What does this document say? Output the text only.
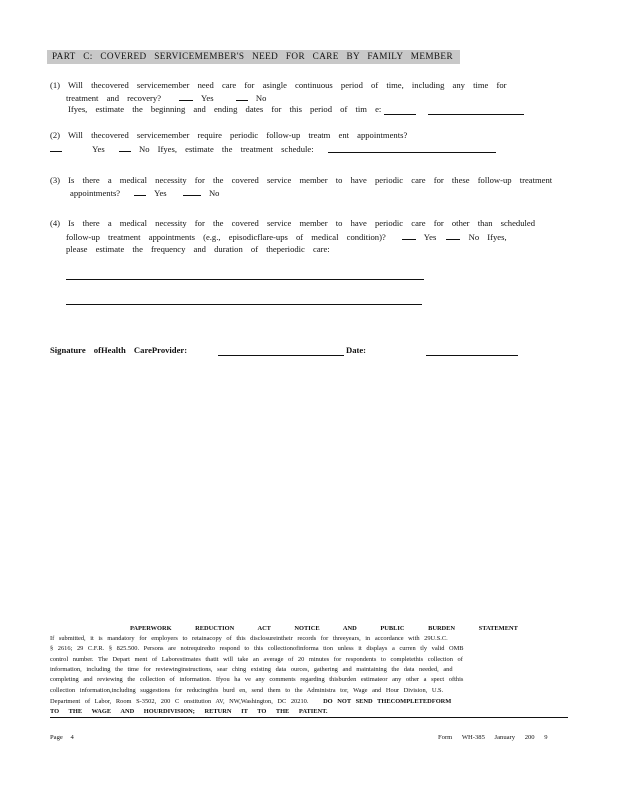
PART C: COVERED SERVICEMEMBER'S NEED FOR CARE BY FAMILY MEMBER
(1) Will thecovered servicemember need care for asingle continuous period of time, including any time for
treatment and recovery?	Yes	No
Ifyes, estimate the beginning and ending dates for this period of tim e:
(2) Will thecovered servicemember require periodic follow-up treatm ent appointments?
Yes	No Ifyes, estimate the treatment schedule:
(3) Is there a medical necessity for the covered service member to have periodic care for these follow-up treatment
appointments?	Yes	No
(4) Is there a medical necessity for the covered service member to have periodic care for other than scheduled
follow-up treatment appointments (e.g., episodicflare-ups of medical condition)?	Yes	No Ifyes,
please estimate the frequency and duration of theperiodic care:
Signature ofHealth CareProvider:	Date:
PAPERWORK REDUCTION ACT NOTICE AND PUBLIC BURDEN STATEMENT
If submitted, it is mandatory for employers to retainacopy of this disclosureintheir records for threeyears, in accordance with 29U.S.C.
§ 2616; 29 C.F.R. § 825.500. Persons are notrequiredto respond to this collectionofinforma tion unless it displays a curren tly valid OMB
control number. The Depart ment of Laborestimates thatit will take an average of 20 minutes for respondents to completethis collection of
information, including the time for reviewinginstructions, sear ching existing data ources, gathering and maintaining the data needed, and
completing and reviewing the collection of information. Ifyou ha ve any comments regarding thisburden estimateor any other a spect ofthis
collection information,including suggestions for reducingthis burd en, send them to the Administra tor, Wage and Hour Division, U.S.
Department of Labor, Room S-3502, 200 C onstitution AV, NW,Washington, DC 20210. DO NOT SEND THECOMPLETEDFORM
TO THE WAGE AND HOURDIVISION; RETURN IT TO THE PATIENT.
Page 4	Form WH-385 January 200 9
